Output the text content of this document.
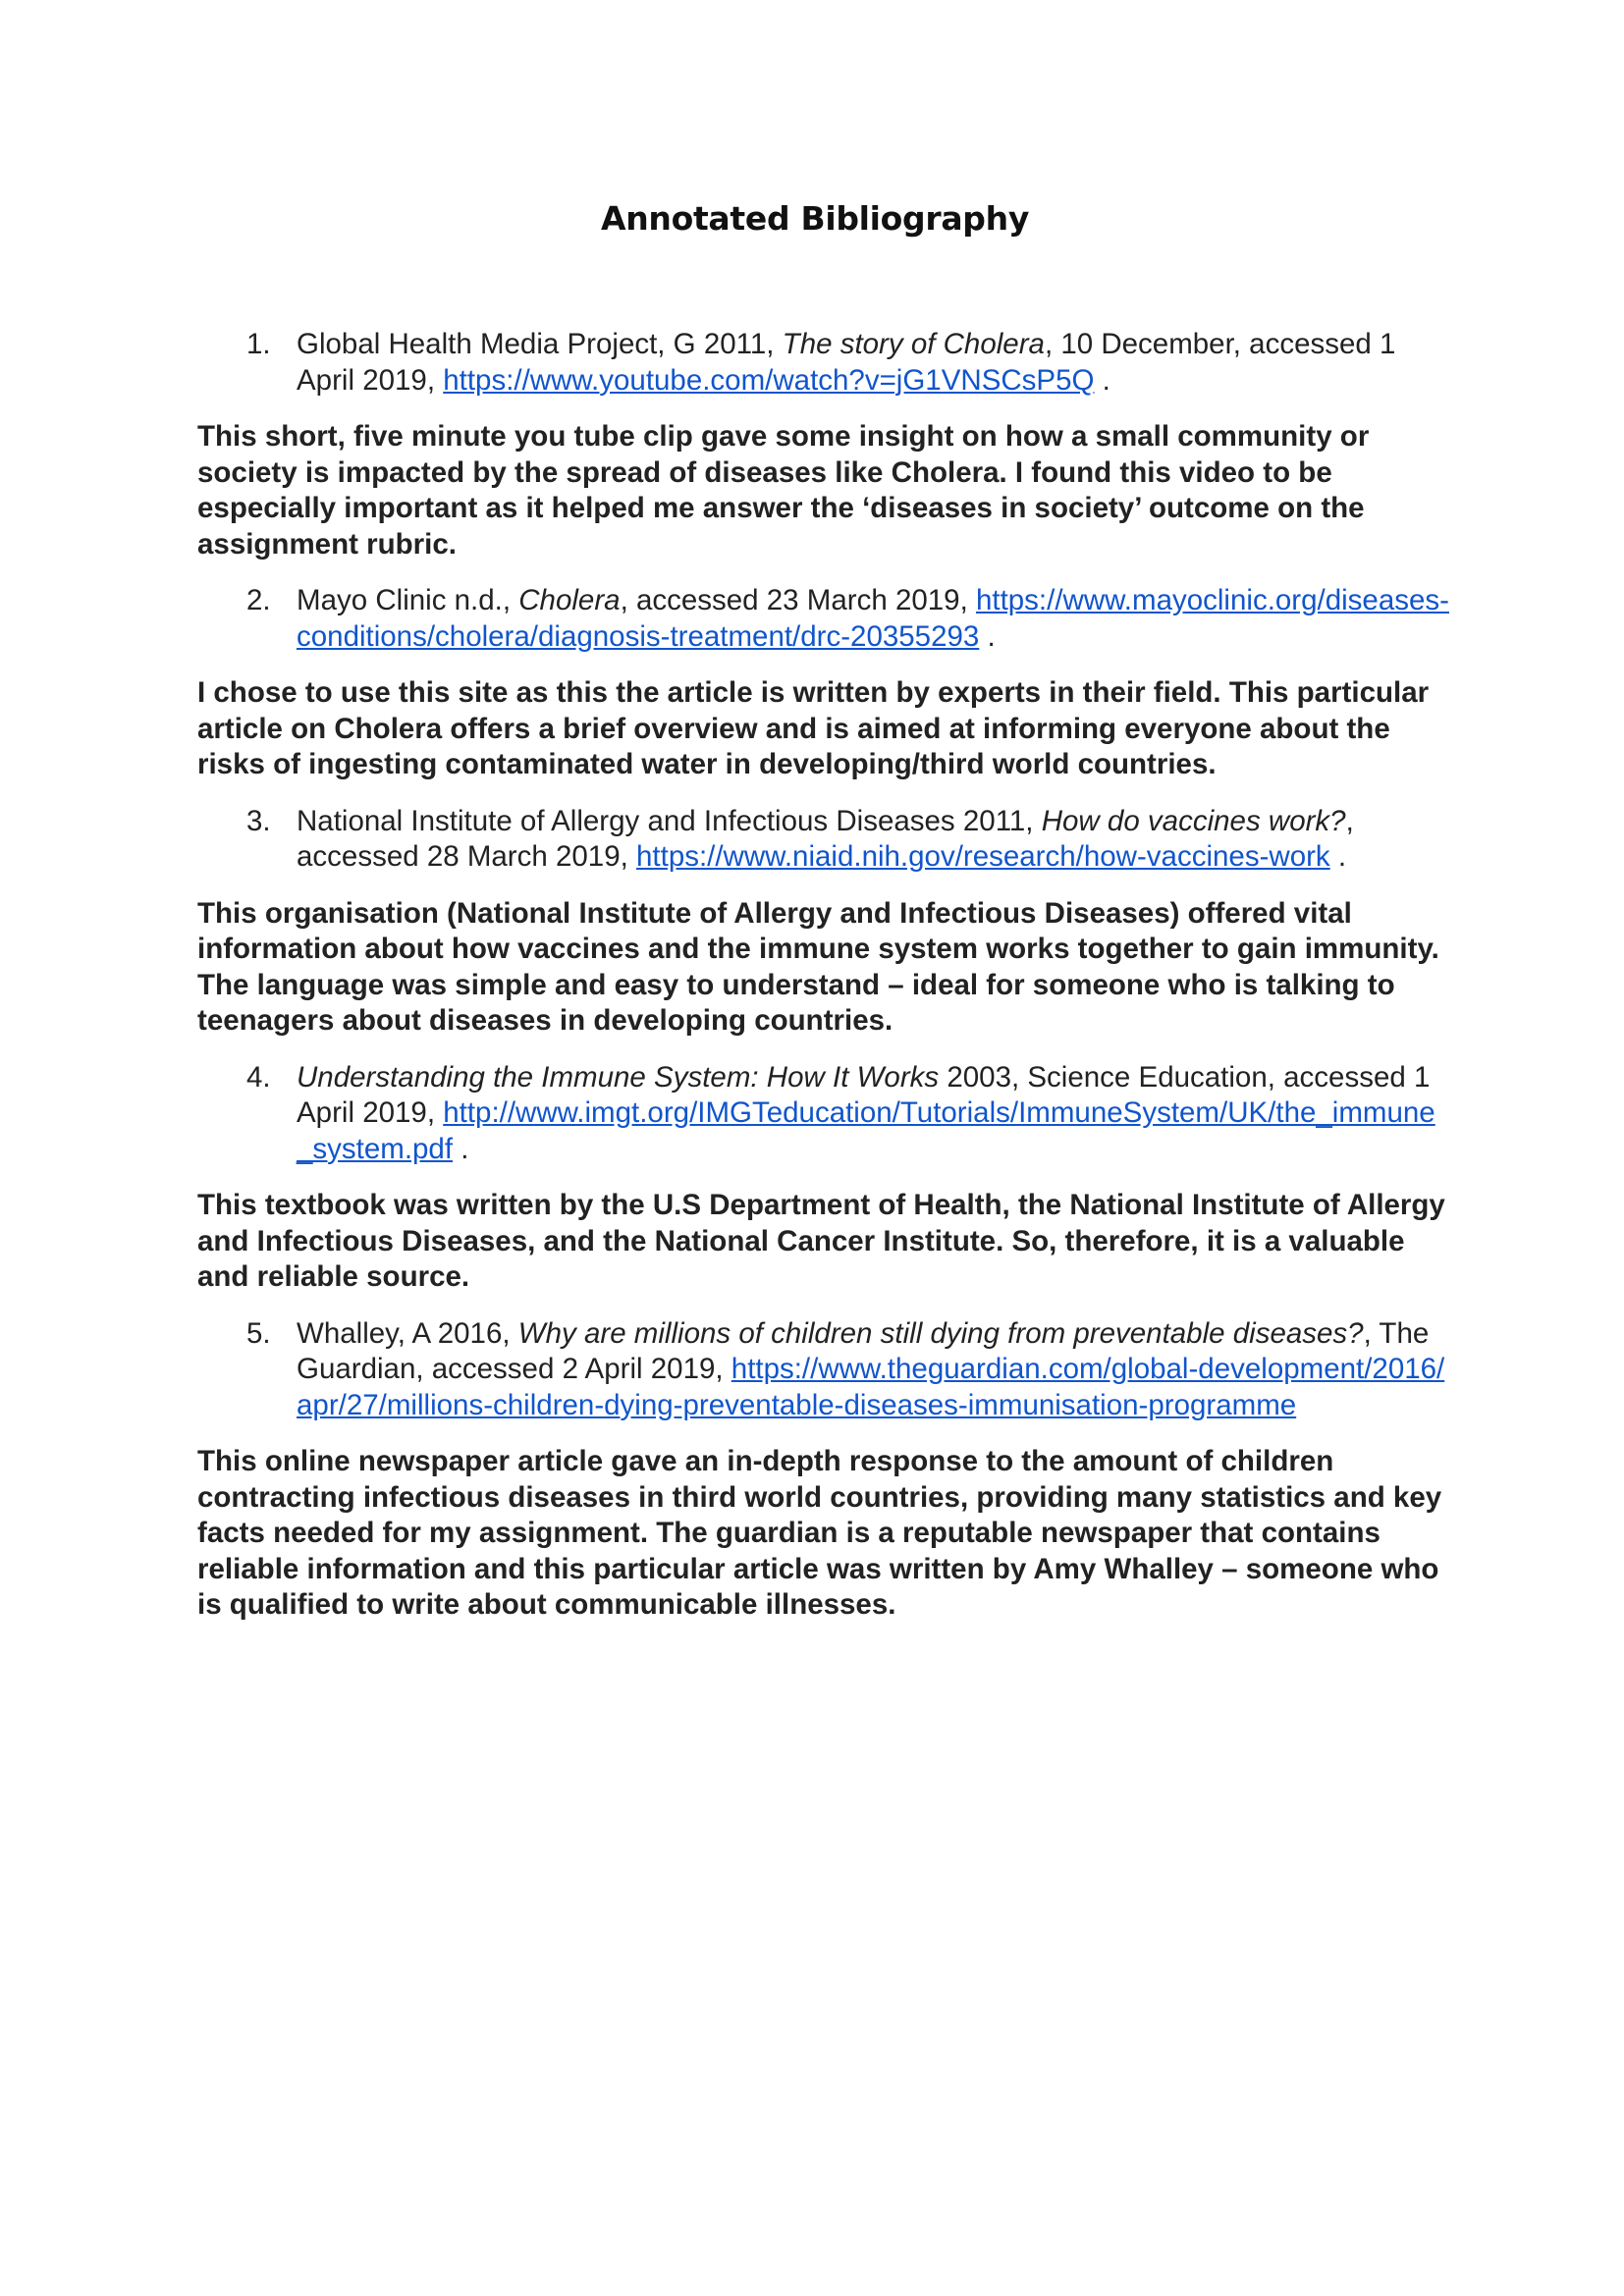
Annotated Bibliography

1. Global Health Media Project, G 2011, The story of Cholera, 10 December, accessed 1 April 2019, https://www.youtube.com/watch?v=jG1VNSCsP5Q .

This short, five minute you tube clip gave some insight on how a small community or society is impacted by the spread of diseases like Cholera. I found this video to be especially important as it helped me answer the ‘diseases in society’ outcome on the assignment rubric.

2. Mayo Clinic n.d., Cholera, accessed 23 March 2019, https://www.mayoclinic.org/diseases-conditions/cholera/diagnosis-treatment/drc-20355293 .

I chose to use this site as this the article is written by experts in their field. This particular article on Cholera offers a brief overview and is aimed at informing everyone about the risks of ingesting contaminated water in developing/third world countries.

3. National Institute of Allergy and Infectious Diseases 2011, How do vaccines work?, accessed 28 March 2019, https://www.niaid.nih.gov/research/how-vaccines-work .

This organisation (National Institute of Allergy and Infectious Diseases) offered vital information about how vaccines and the immune system works together to gain immunity. The language was simple and easy to understand – ideal for someone who is talking to teenagers about diseases in developing countries.

4. Understanding the Immune System: How It Works 2003, Science Education, accessed 1 April 2019, http://www.imgt.org/IMGTeducation/Tutorials/ImmuneSystem/UK/the_immune_system.pdf .

This textbook was written by the U.S Department of Health, the National Institute of Allergy and Infectious Diseases, and the National Cancer Institute. So, therefore, it is a valuable and reliable source.

5. Whalley, A 2016, Why are millions of children still dying from preventable diseases?, The Guardian, accessed 2 April 2019, https://www.theguardian.com/global-development/2016/apr/27/millions-children-dying-preventable-diseases-immunisation-programme

This online newspaper article gave an in-depth response to the amount of children contracting infectious diseases in third world countries, providing many statistics and key facts needed for my assignment. The guardian is a reputable newspaper that contains reliable information and this particular article was written by Amy Whalley – someone who is qualified to write about communicable illnesses.
